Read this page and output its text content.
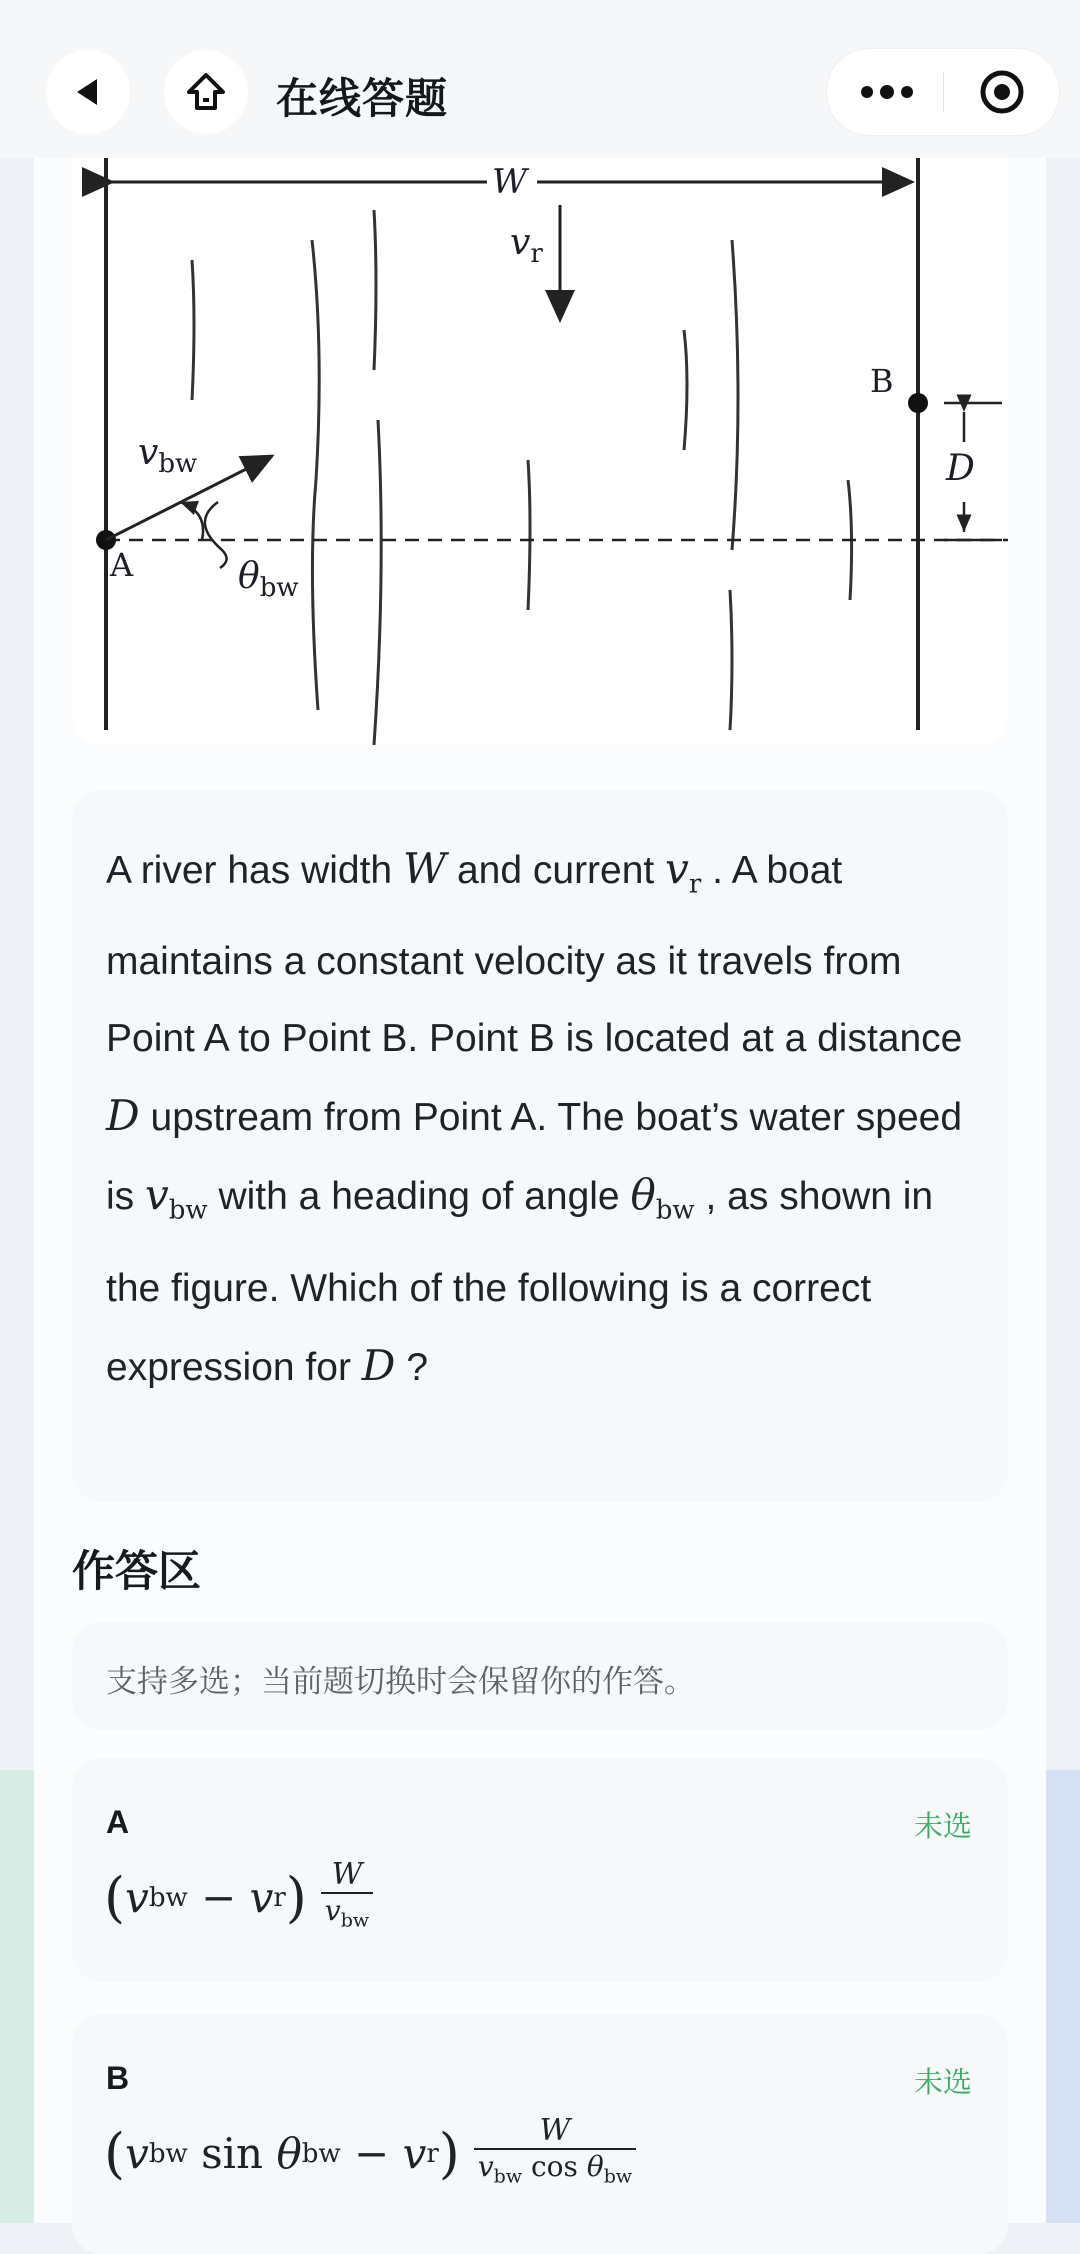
在线答题
W
$v_r$
$v_{bw}$
$\theta_{bw}$
A
B
D
A river has width W and current $v_r$ . A boat maintains a constant velocity as it travels from Point A to Point B. Point B is located at a distance D upstream from Point A. The boat’s water speed is $v_{bw}$ with a heading of angle $\theta_{bw}$ , as shown in the figure. Which of the following is a correct expression for D ?
作答区
支持多选；当前题切换时会保留你的作答。
A	未选
( v bw − v r ) $\frac{W}{v_{bw}}$
B	未选
( v bw sin θ bw − v r ) $\frac{W}{v_{bw} \cos \theta_{bw}}$
